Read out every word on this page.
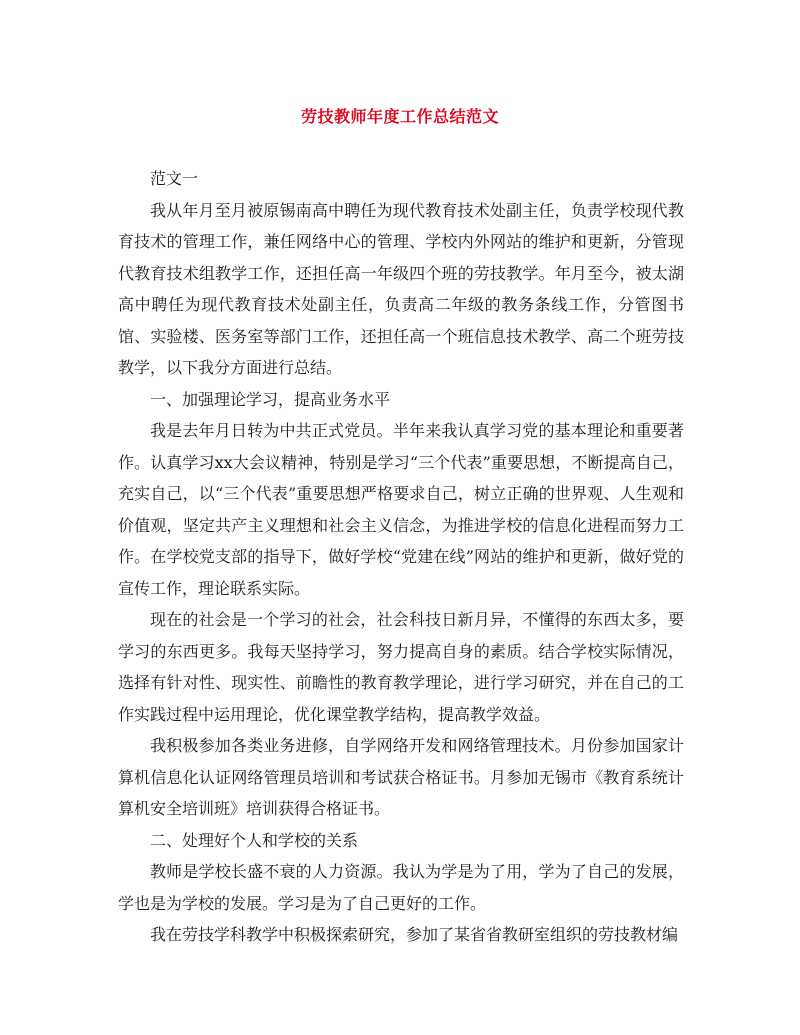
劳技教师年度工作总结范文

范文一

我从年月至月被原锡南高中聘任为现代教育技术处副主任，负责学校现代教育技术的管理工作，兼任网络中心的管理、学校内外网站的维护和更新，分管现代教育技术组教学工作，还担任高一年级四个班的劳技教学。年月至今，被太湖高中聘任为现代教育技术处副主任，负责高二年级的教务条线工作，分管图书馆、实验楼、医务室等部门工作，还担任高一个班信息技术教学、高二个班劳技教学，以下我分方面进行总结。

一、加强理论学习，提高业务水平

我是去年月日转为中共正式党员。半年来我认真学习党的基本理论和重要著作。认真学习xx大会议精神，特别是学习“三个代表”重要思想，不断提高自己，充实自己，以“三个代表”重要思想严格要求自己，树立正确的世界观、人生观和价值观，坚定共产主义理想和社会主义信念，为推进学校的信息化进程而努力工作。在学校党支部的指导下，做好学校“党建在线”网站的维护和更新，做好党的宣传工作，理论联系实际。

现在的社会是一个学习的社会，社会科技日新月异，不懂得的东西太多，要学习的东西更多。我每天坚持学习，努力提高自身的素质。结合学校实际情况，选择有针对性、现实性、前瞻性的教育教学理论，进行学习研究，并在自己的工作实践过程中运用理论，优化课堂教学结构，提高教学效益。

我积极参加各类业务进修，自学网络开发和网络管理技术。月份参加国家计算机信息化认证网络管理员培训和考试获合格证书。月参加无锡市《教育系统计算机安全培训班》培训获得合格证书。

二、处理好个人和学校的关系

教师是学校长盛不衰的人力资源。我认为学是为了用，学为了自己的发展，学也是为学校的发展。学习是为了自己更好的工作。

我在劳技学科教学中积极探索研究，参加了某省省教研室组织的劳技教材编
